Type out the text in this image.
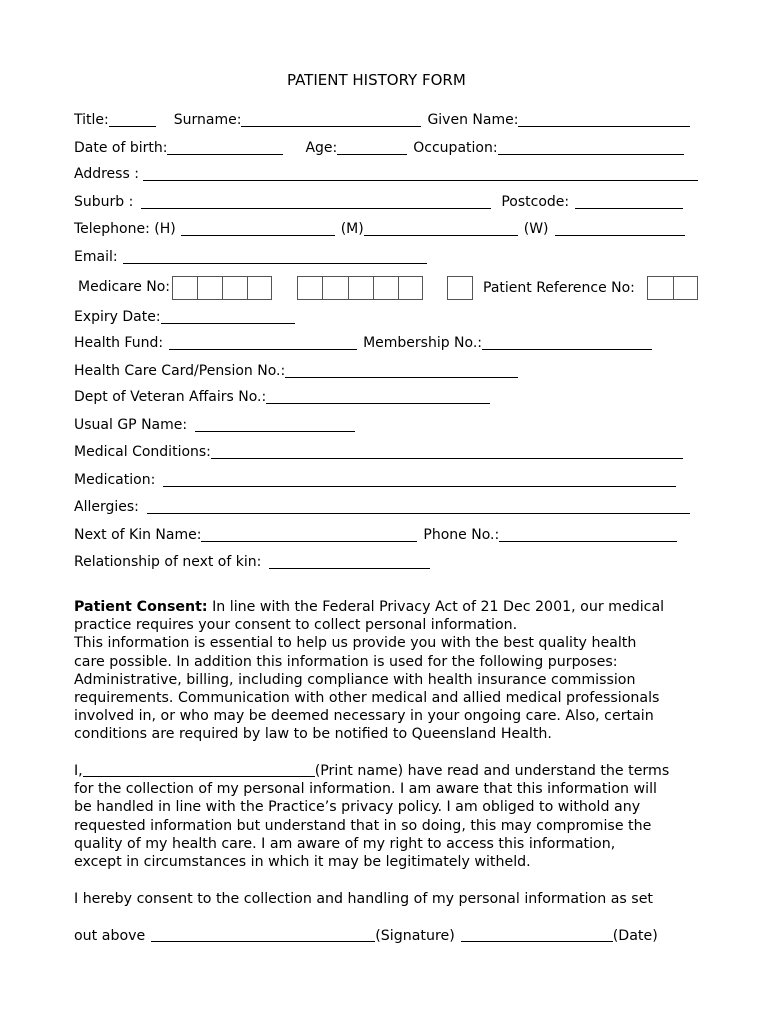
PATIENT HISTORY FORM
Title:	Surname:	Given Name:
Date of birth:	Age:	Occupation:
Address :
Suburb :	Postcode:
Telephone: (H)	(M)	(W)
Email:
Medicare No:	Patient Reference No:
Expiry Date:
Health Fund:	Membership No.:
Health Care Card/Pension No.:
Dept of Veteran Affairs No.:
Usual GP Name:
Medical Conditions:
Medication:
Allergies:
Next of Kin Name:	Phone No.:
Relationship of next of kin:
Patient Consent: In line with the Federal Privacy Act of 21 Dec 2001, our medical
practice requires your consent to collect personal information.
This information is essential to help us provide you with the best quality health
care possible. In addition this information is used for the following purposes:
Administrative, billing, including compliance with health insurance commission
requirements. Communication with other medical and allied medical professionals
involved in, or who may be deemed necessary in your ongoing care. Also, certain
conditions are required by law to be notified to Queensland Health.
I,	(Print name) have read and understand the terms
for the collection of my personal information. I am aware that this information will
be handled in line with the Practice’s privacy policy. I am obliged to withold any
requested information but understand that in so doing, this may compromise the
quality of my health care. I am aware of my right to access this information,
except in circumstances in which it may be legitimately witheld.
I hereby consent to the collection and handling of my personal information as set
out above	(Signature)	(Date)
